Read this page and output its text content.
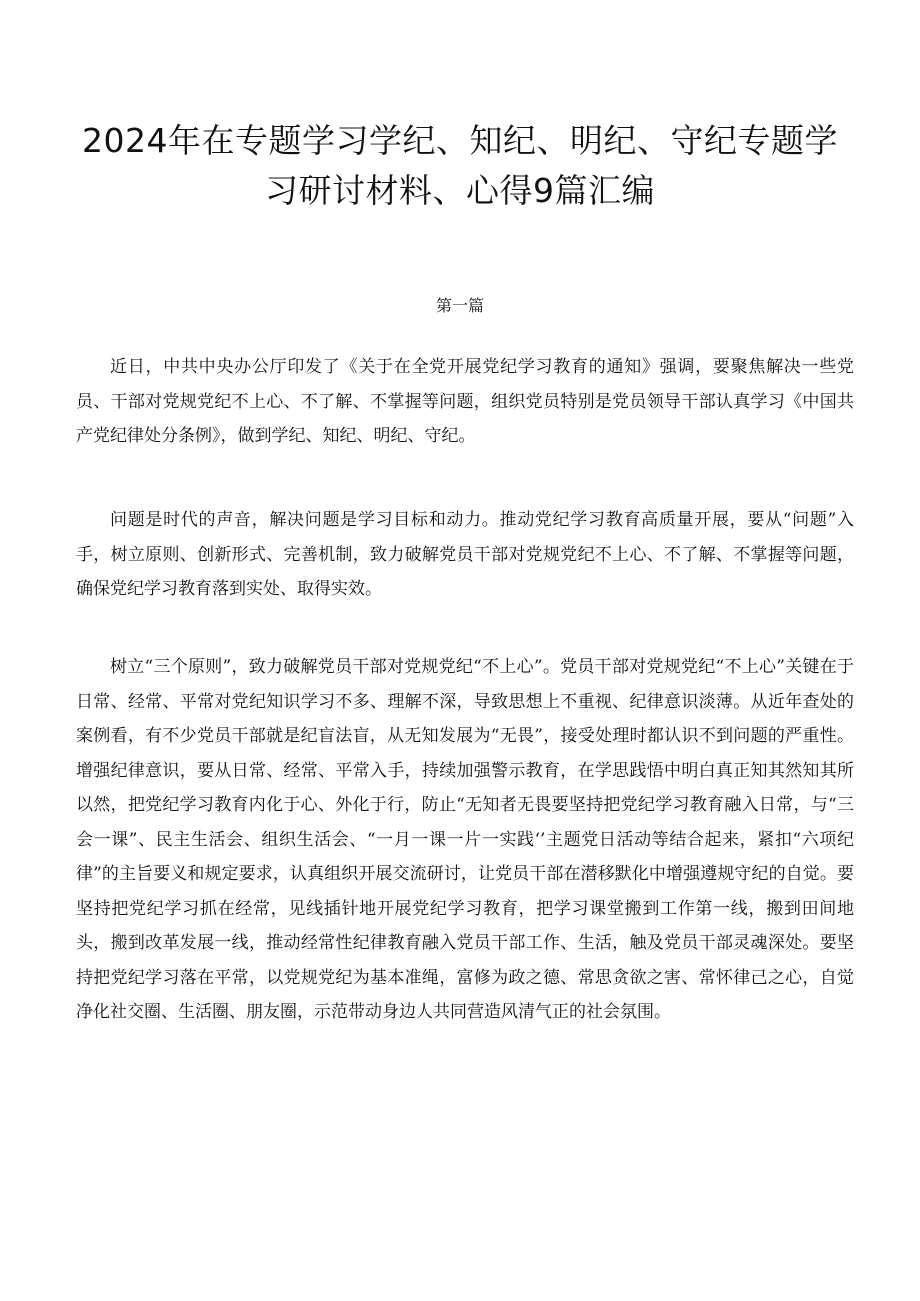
2024年在专题学习学纪、知纪、明纪、守纪专题学习研讨材料、心得9篇汇编
第一篇

近日，中共中央办公厅印发了《关于在全党开展党纪学习教育的通知》强调，要聚焦解决一些党员、干部对党规党纪不上心、不了解、不掌握等问题，组织党员特别是党员领导干部认真学习《中国共产党纪律处分条例》，做到学纪、知纪、明纪、守纪。

问题是时代的声音，解决问题是学习目标和动力。推动党纪学习教育高质量开展，要从“问题”入手，树立原则、创新形式、完善机制，致力破解党员干部对党规党纪不上心、不了解、不掌握等问题，确保党纪学习教育落到实处、取得实效。

树立“三个原则”，致力破解党员干部对党规党纪“不上心”。党员干部对党规党纪“不上心”关键在于日常、经常、平常对党纪知识学习不多、理解不深，导致思想上不重视、纪律意识淡薄。从近年查处的案例看，有不少党员干部就是纪盲法盲，从无知发展为“无畏”，接受处理时都认识不到问题的严重性。增强纪律意识，要从日常、经常、平常入手，持续加强警示教育，在学思践悟中明白真正知其然知其所以然，把党纪学习教育内化于心、外化于行，防止“无知者无畏要坚持把党纪学习教育融入日常，与“三会一课”、民主生活会、组织生活会、“一月一课一片一实践‘’主题党日活动等结合起来，紧扣“六项纪律”的主旨要义和规定要求，认真组织开展交流研讨，让党员干部在潜移默化中增强遵规守纪的自觉。要坚持把党纪学习抓在经常，见线插针地开展党纪学习教育，把学习课堂搬到工作第一线，搬到田间地头，搬到改革发展一线，推动经常性纪律教育融入党员干部工作、生活，触及党员干部灵魂深处。要坚持把党纪学习落在平常，以党规党纪为基本准绳，富修为政之德、常思贪欲之害、常怀律己之心，自觉净化社交圈、生活圈、朋友圈，示范带动身边人共同营造风清气正的社会氛围。
